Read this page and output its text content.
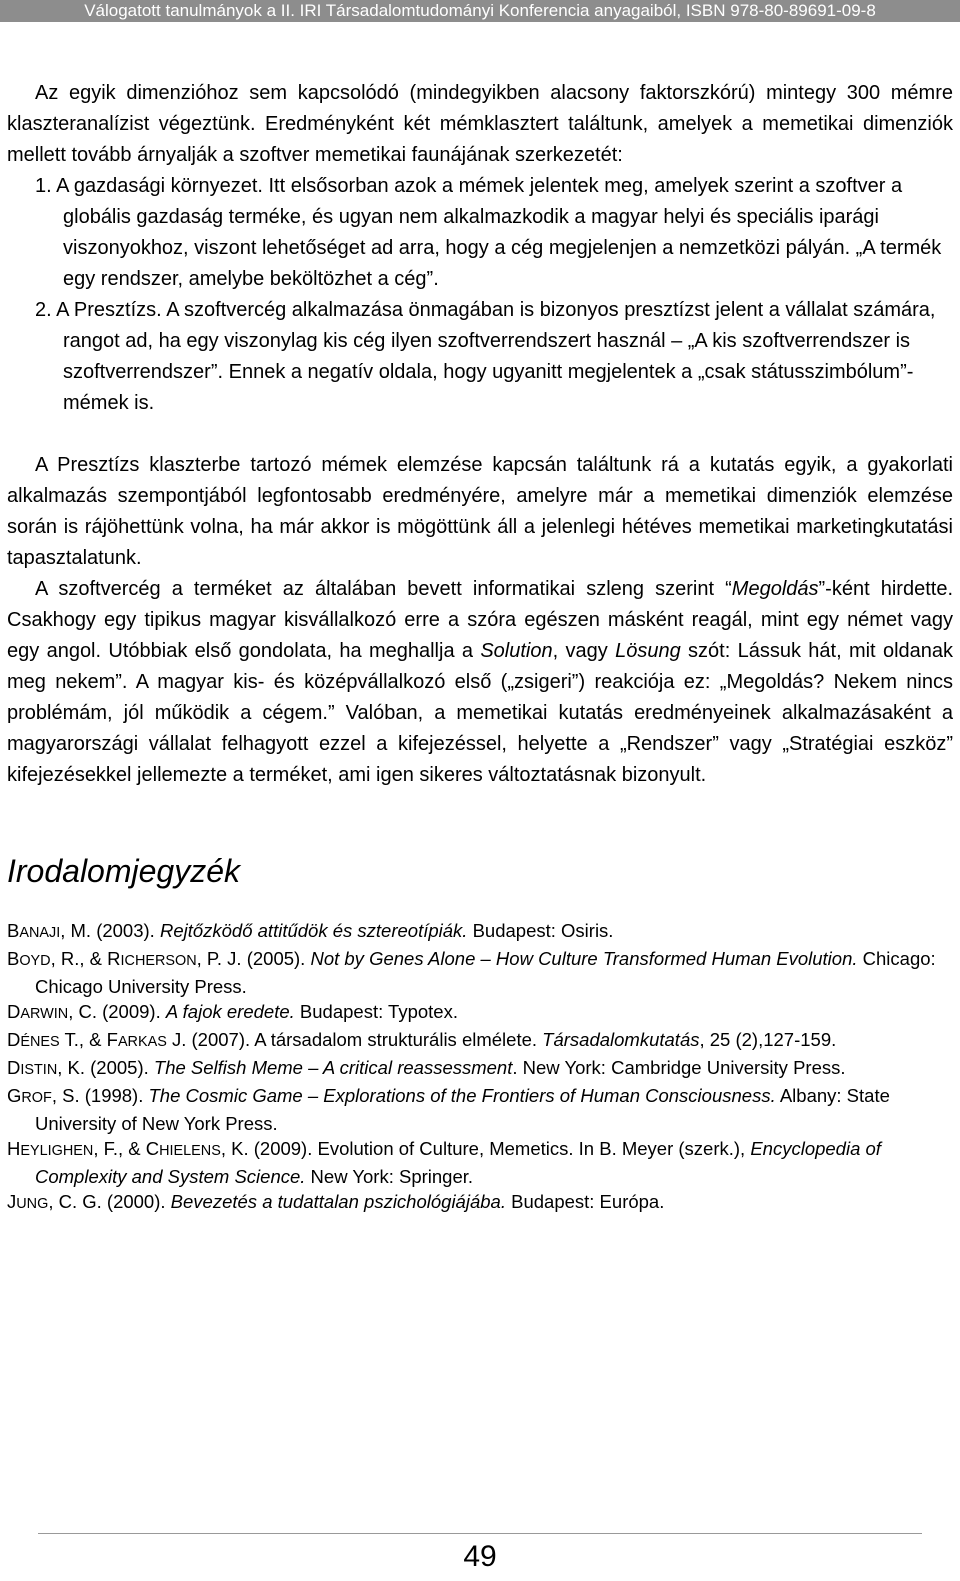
Válogatott tanulmányok a II. IRI Társadalomtudományi Konferencia anyagaiból, ISBN 978-80-89691-09-8

Az egyik dimenzióhoz sem kapcsolódó (mindegyikben alacsony faktorszkórú) mintegy 300 mémre klaszteranalízist végeztünk. Eredményként két mémklasztert találtunk, amelyek a memetikai dimenziók mellett tovább árnyalják a szoftver memetikai faunájának szerkezetét:

1. A gazdasági környezet. Itt elsősorban azok a mémek jelentek meg, amelyek szerint a szoftver a globális gazdaság terméke, és ugyan nem alkalmazkodik a magyar helyi és speciális iparági viszonyokhoz, viszont lehetőséget ad arra, hogy a cég megjelenjen a nemzetközi pályán. „A termék egy rendszer, amelybe beköltözhet a cég”.

2. A Presztízs. A szoftvercég alkalmazása önmagában is bizonyos presztízst jelent a vállalat számára, rangot ad, ha egy viszonylag kis cég ilyen szoftverrendszert használ – „A kis szoftverrendszer is szoftverrendszer”. Ennek a negatív oldala, hogy ugyanitt megjelentek a „csak státusszimbólum”-mémek is.

A Presztízs klaszterbe tartozó mémek elemzése kapcsán találtunk rá a kutatás egyik, a gyakorlati alkalmazás szempontjából legfontosabb eredményére, amelyre már a memetikai dimenziók elemzése során is rájöhettünk volna, ha már akkor is mögöttünk áll a jelenlegi hétéves memetikai marketingkutatási tapasztalatunk.

A szoftvercég a terméket az általában bevett informatikai szleng szerint “Megoldás”-ként hirdette. Csakhogy egy tipikus magyar kisvállalkozó erre a szóra egészen másként reagál, mint egy német vagy egy angol. Utóbbiak első gondolata, ha meghallja a Solution, vagy Lösung szót: Lássuk hát, mit oldanak meg nekem”. A magyar kis- és középvállalkozó első („zsigeri”) reakciója ez: „Megoldás? Nekem nincs problémám, jól működik a cégem.” Valóban, a memetikai kutatás eredményeinek alkalmazásaként a magyarországi vállalat felhagyott ezzel a kifejezéssel, helyette a „Rendszer” vagy „Stratégiai eszköz” kifejezésekkel jellemezte a terméket, ami igen sikeres változtatásnak bizonyult.

Irodalomjegyzék

BANAJI, M. (2003). Rejtőzködő attitűdök és sztereotípiák. Budapest: Osiris.

BOYD, R., & RICHERSON, P. J. (2005). Not by Genes Alone – How Culture Transformed Human Evolution. Chicago: Chicago University Press.

DARWIN, C. (2009). A fajok eredete. Budapest: Typotex.

DÉNES T., & FARKAS J. (2007). A társadalom strukturális elmélete. Társadalomkutatás, 25 (2),127-159.

DISTIN, K. (2005). The Selfish Meme – A critical reassessment. New York: Cambridge University Press.

GROF, S. (1998). The Cosmic Game – Explorations of the Frontiers of Human Consciousness. Albany: State University of New York Press.

HEYLIGHEN, F., & CHIELENS, K. (2009). Evolution of Culture, Memetics. In B. Meyer (szerk.), Encyclopedia of Complexity and System Science. New York: Springer.

JUNG, C. G. (2000). Bevezetés a tudattalan pszichológiájába. Budapest: Európa.

49
